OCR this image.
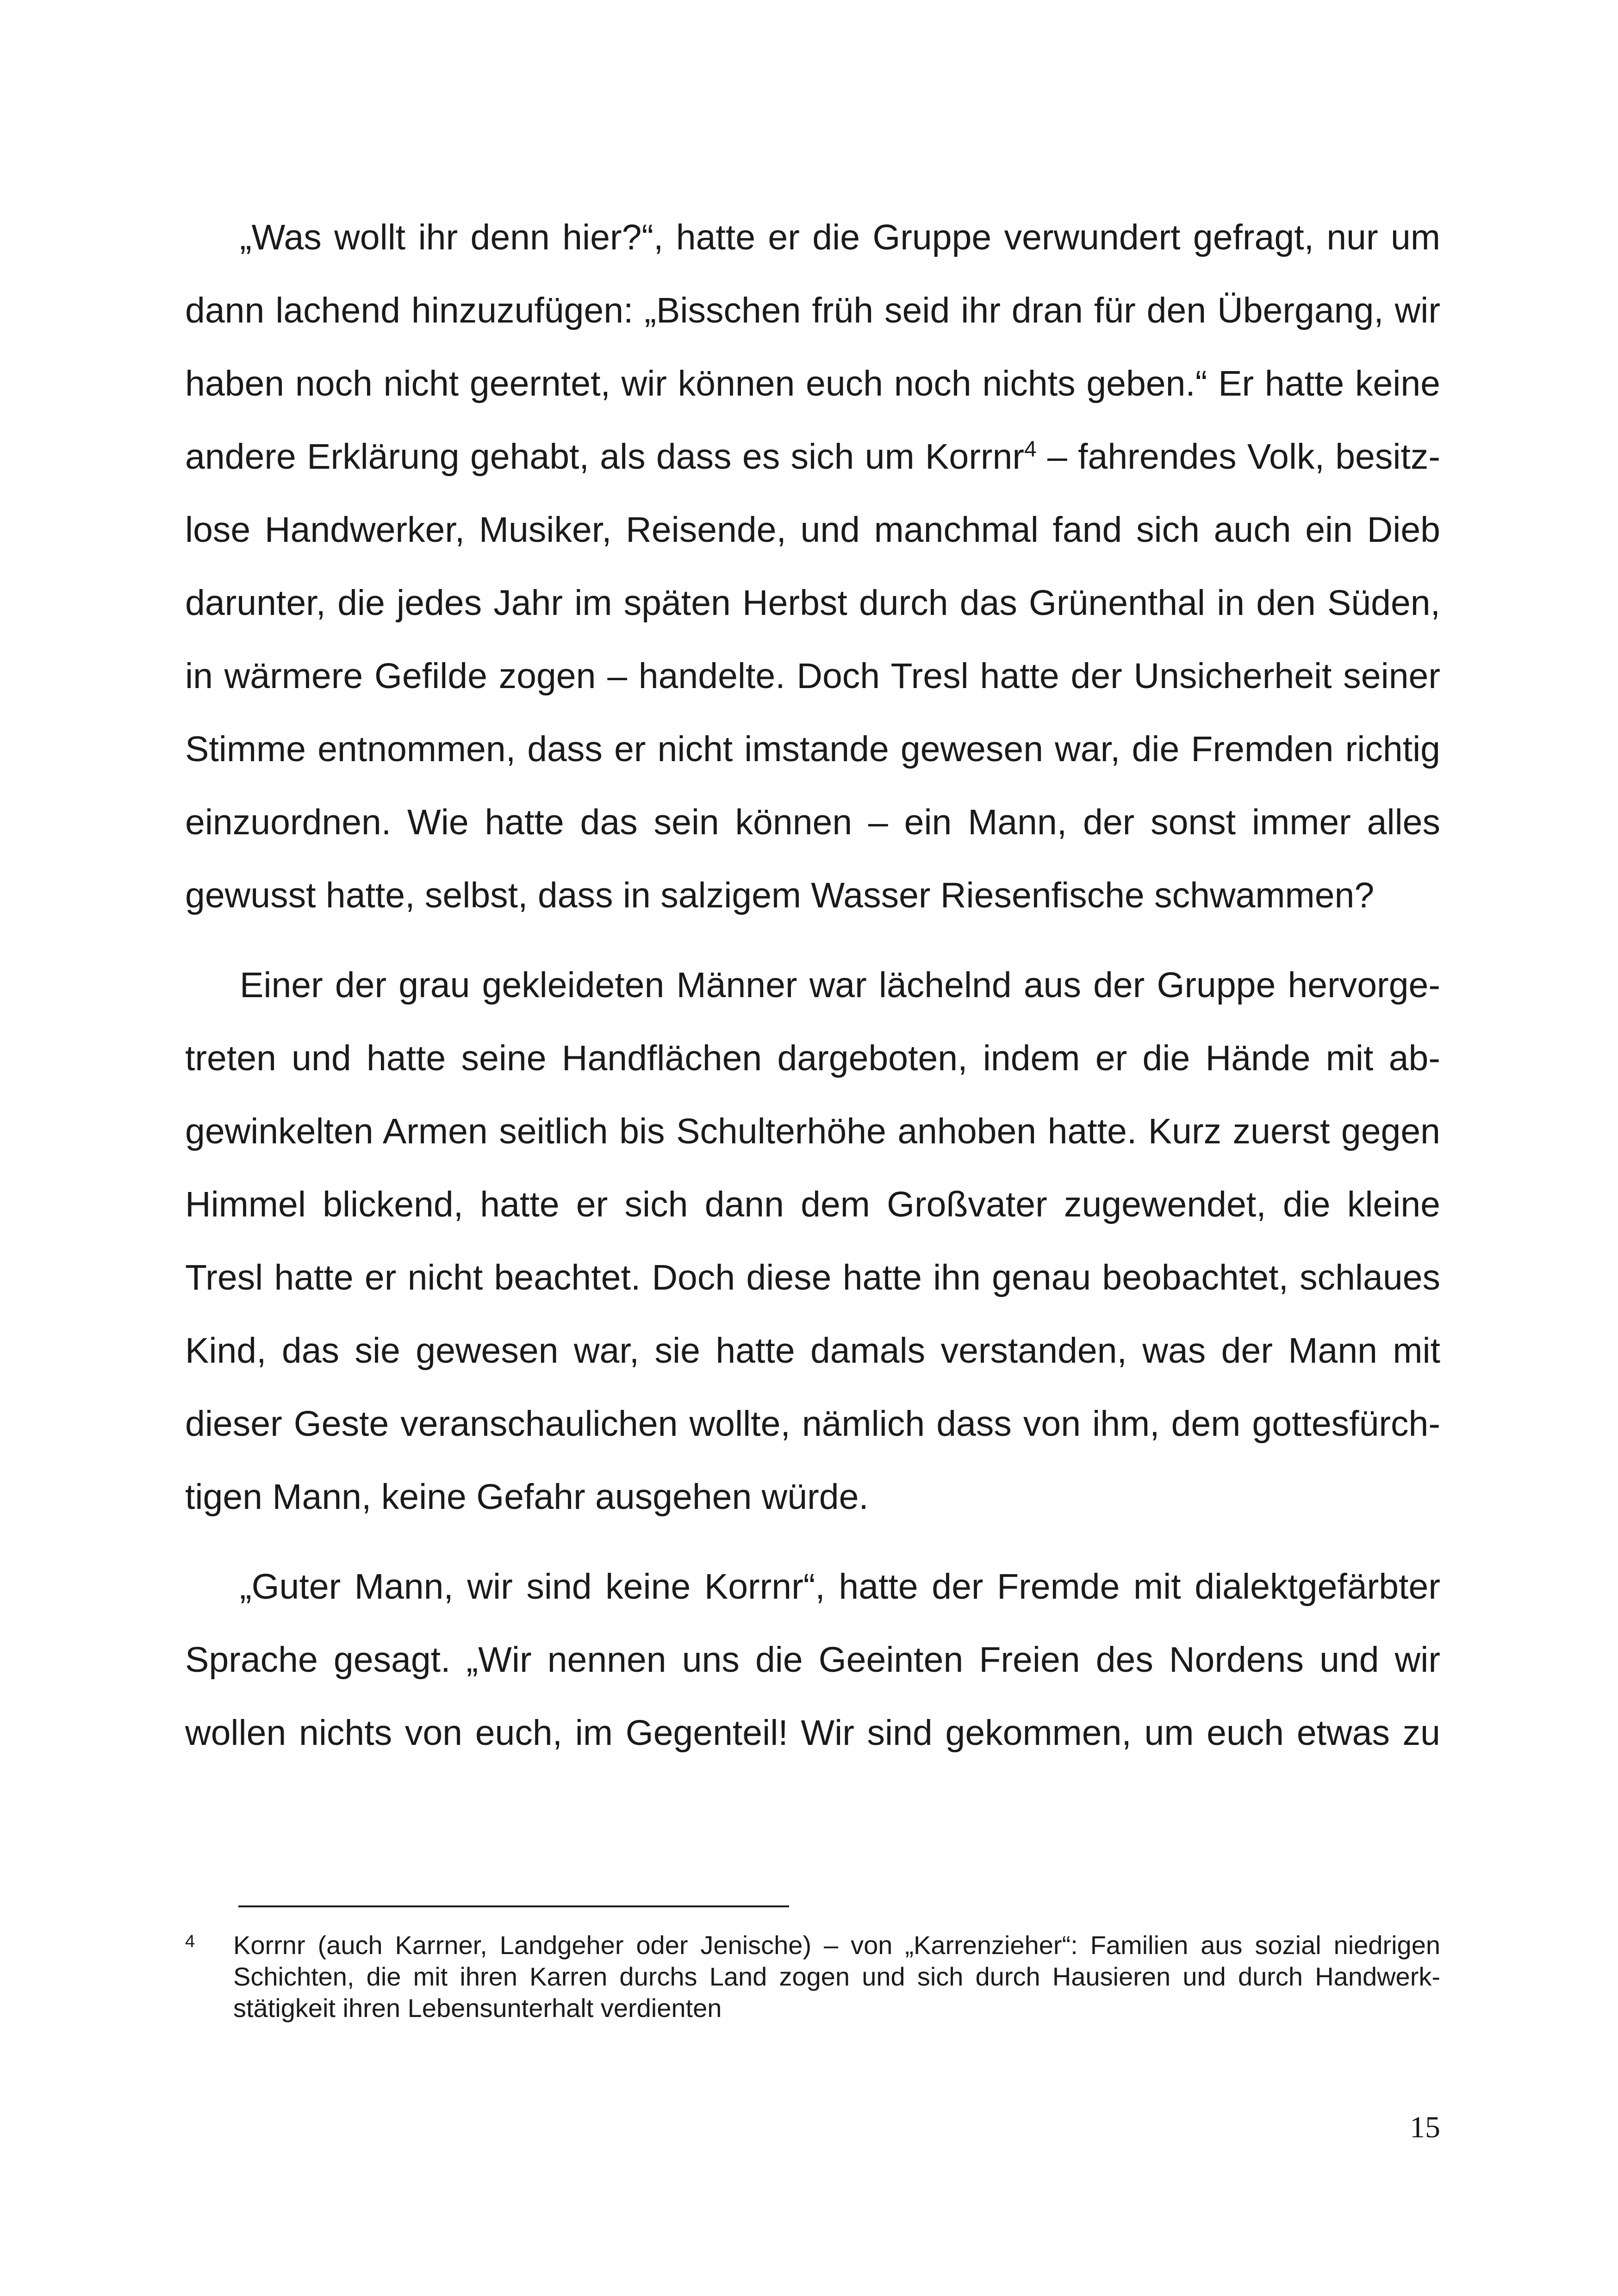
„Was wollt ihr denn hier?“, hatte er die Gruppe verwundert gefragt, nur um
dann lachend hinzuzufügen: „Bisschen früh seid ihr dran für den Übergang, wir
haben noch nicht geerntet, wir können euch noch nichts geben.“ Er hatte keine
andere Erklärung gehabt, als dass es sich um Korrnr$^4$ – fahrendes Volk, besitz-
lose Handwerker, Musiker, Reisende, und manchmal fand sich auch ein Dieb
darunter, die jedes Jahr im späten Herbst durch das Grünenthal in den Süden,
in wärmere Gefilde zogen – handelte. Doch Tresl hatte der Unsicherheit seiner
Stimme entnommen, dass er nicht imstande gewesen war, die Fremden richtig
einzuordnen. Wie hatte das sein können – ein Mann, der sonst immer alles
gewusst hatte, selbst, dass in salzigem Wasser Riesenfische schwammen?

Einer der grau gekleideten Männer war lächelnd aus der Gruppe hervorge-
treten und hatte seine Handflächen dargeboten, indem er die Hände mit ab-
gewinkelten Armen seitlich bis Schulterhöhe anhoben hatte. Kurz zuerst gegen
Himmel blickend, hatte er sich dann dem Großvater zugewendet, die kleine
Tresl hatte er nicht beachtet. Doch diese hatte ihn genau beobachtet, schlaues
Kind, das sie gewesen war, sie hatte damals verstanden, was der Mann mit
dieser Geste veranschaulichen wollte, nämlich dass von ihm, dem gottesfürch-
tigen Mann, keine Gefahr ausgehen würde.

„Guter Mann, wir sind keine Korrnr“, hatte der Fremde mit dialektgefärbter
Sprache gesagt. „Wir nennen uns die Geeinten Freien des Nordens und wir
wollen nichts von euch, im Gegenteil! Wir sind gekommen, um euch etwas zu

4 Korrnr (auch Karrner, Landgeher oder Jenische) – von „Karrenzieher“: Familien aus sozial niedrigen
Schichten, die mit ihren Karren durchs Land zogen und sich durch Hausieren und durch Handwerk-
stätigkeit ihren Lebensunterhalt verdienten
15
